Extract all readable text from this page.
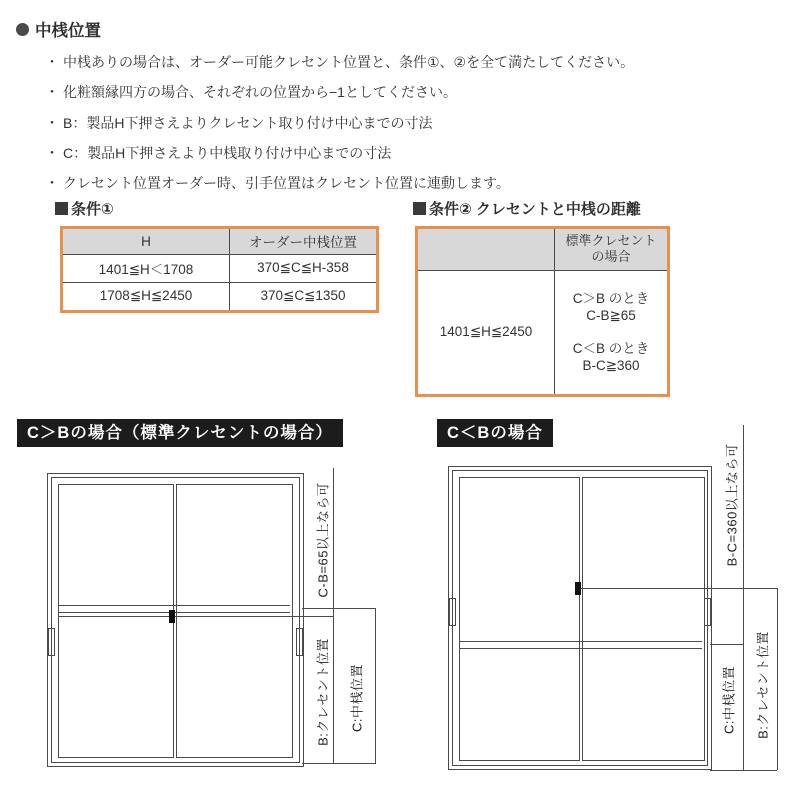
中桟位置
・ 中桟ありの場合は、オーダー可能クレセント位置と、条件①、②を全て満たしてください。
・ 化粧額縁四方の場合、それぞれの位置から−1としてください。
・ B：製品H下押さえよりクレセント取り付け中心までの寸法
・ C：製品H下押さえより中桟取り付け中心までの寸法
・ クレセント位置オーダー時、引手位置はクレセント位置に連動します。
条件①
H	オーダー中桟位置
1401≦H＜1708	370≦C≦H-358
1708≦H≦2450	370≦C≦1350
条件② クレセントと中桟の距離

	標準クレセント
の場合

1401≦H≦2450	C＞B のとき
C-B≧65
C＜B のとき
B-C≧360
C＞Bの場合（標準クレセントの場合）
C-B=65以上なら可
B:クレセント位置 C:中桟位置
C＜Bの場合
B-C=360以上なら可
C:中桟位置 B:クレセント位置
